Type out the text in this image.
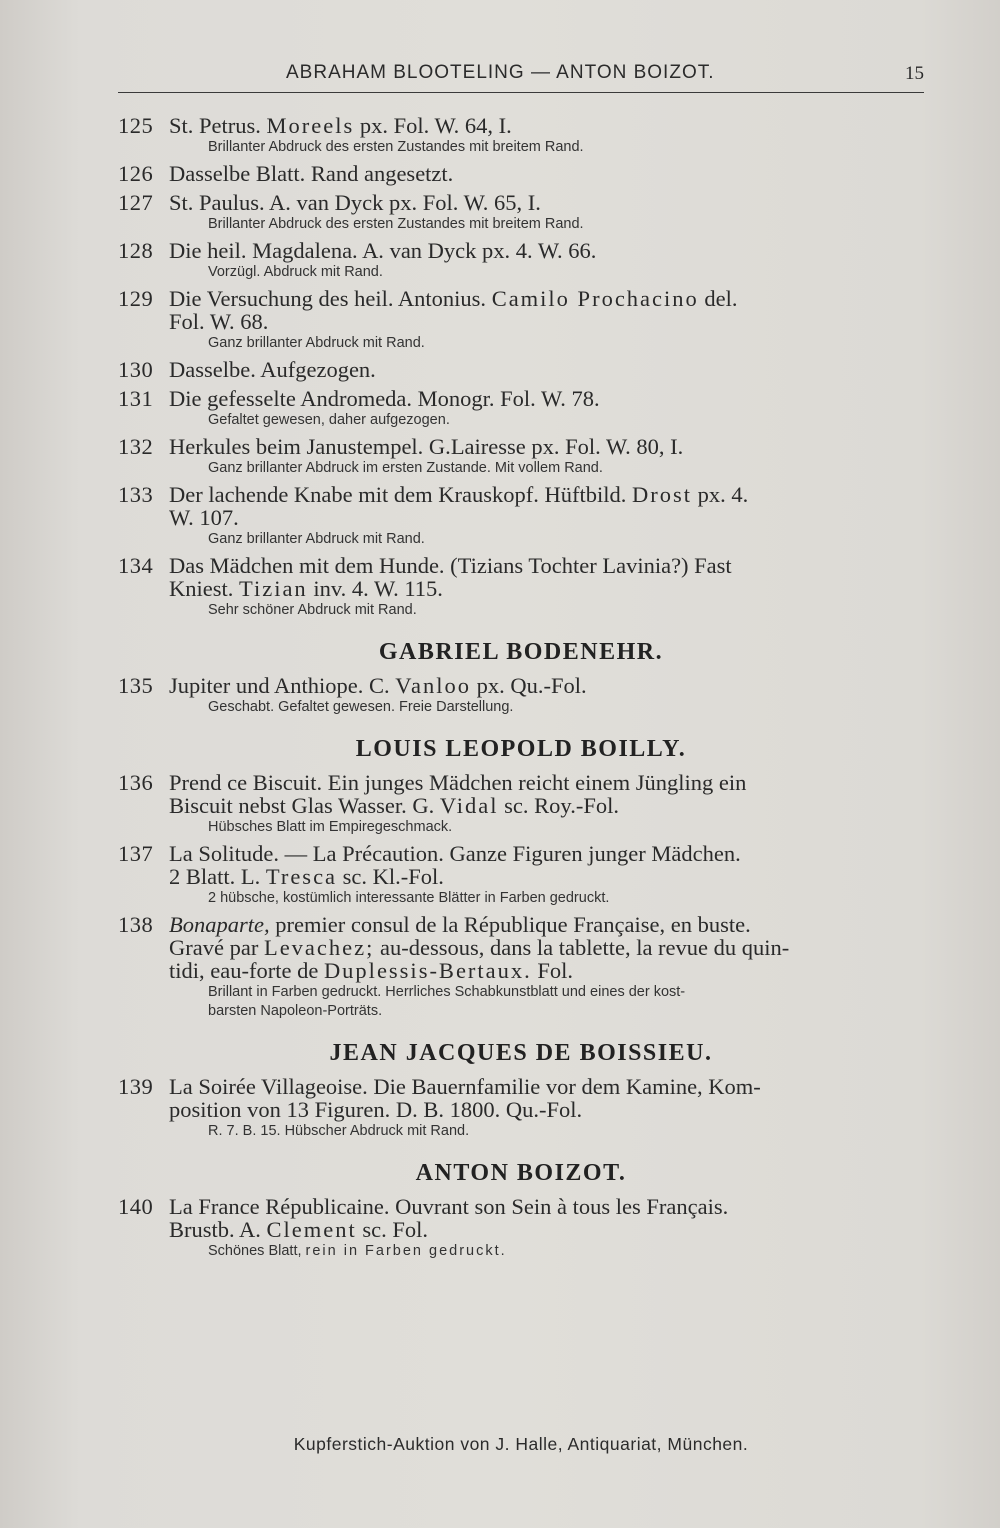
ABRAHAM BLOOTELING — ANTON BOIZOT.	15
125 St. Petrus. Moreels px. Fol. W. 64, I.
Brillanter Abdruck des ersten Zustandes mit breitem Rand.
126 Dasselbe Blatt. Rand angesetzt.
127 St. Paulus. A. van Dyck px. Fol. W. 65, I.
Brillanter Abdruck des ersten Zustandes mit breitem Rand.
128 Die heil. Magdalena. A. van Dyck px. 4. W. 66.
Vorzügl. Abdruck mit Rand.
129 Die Versuchung des heil. Antonius. Camilo Prochacino del.
Fol. W. 68.
Ganz brillanter Abdruck mit Rand.
130 Dasselbe. Aufgezogen.
131 Die gefesselte Andromeda. Monogr. Fol. W. 78.
Gefaltet gewesen, daher aufgezogen.
132 Herkules beim Janustempel. G.Lairesse px. Fol. W. 80, I.
Ganz brillanter Abdruck im ersten Zustande. Mit vollem Rand.
133 Der lachende Knabe mit dem Krauskopf. Hüftbild. Drost px. 4.
W. 107.
Ganz brillanter Abdruck mit Rand.
134 Das Mädchen mit dem Hunde. (Tizians Tochter Lavinia?) Fast
Kniest. Tizian inv. 4. W. 115.
Sehr schöner Abdruck mit Rand.
GABRIEL BODENEHR.
135 Jupiter und Anthiope. C. Vanloo px. Qu.-Fol.
Geschabt. Gefaltet gewesen. Freie Darstellung.
LOUIS LEOPOLD BOILLY.
136 Prend ce Biscuit. Ein junges Mädchen reicht einem Jüngling ein
Biscuit nebst Glas Wasser. G. Vidal sc. Roy.-Fol.
Hübsches Blatt im Empiregeschmack.
137 La Solitude. — La Précaution. Ganze Figuren junger Mädchen.
2 Blatt. L. Tresca sc. Kl.-Fol.
2 hübsche, kostümlich interessante Blätter in Farben gedruckt.
138 Bonaparte, premier consul de la République Française, en buste.
Gravé par Levachez; au-dessous, dans la tablette, la revue du quin-
tidi, eau-forte de Duplessis-Bertaux. Fol.
Brillant in Farben gedruckt. Herrliches Schabkunstblatt und eines der kost-
barsten Napoleon-Porträts.
JEAN JACQUES DE BOISSIEU.
139 La Soirée Villageoise. Die Bauernfamilie vor dem Kamine, Kom-
position von 13 Figuren. D. B. 1800. Qu.-Fol.
R. 7. B. 15. Hübscher Abdruck mit Rand.
ANTON BOIZOT.
140 La France Républicaine. Ouvrant son Sein à tous les Français.
Brustb. A. Clement sc. Fol.
Schönes Blatt, rein in Farben gedruckt.
Kupferstich-Auktion von J. Halle, Antiquariat, München.
